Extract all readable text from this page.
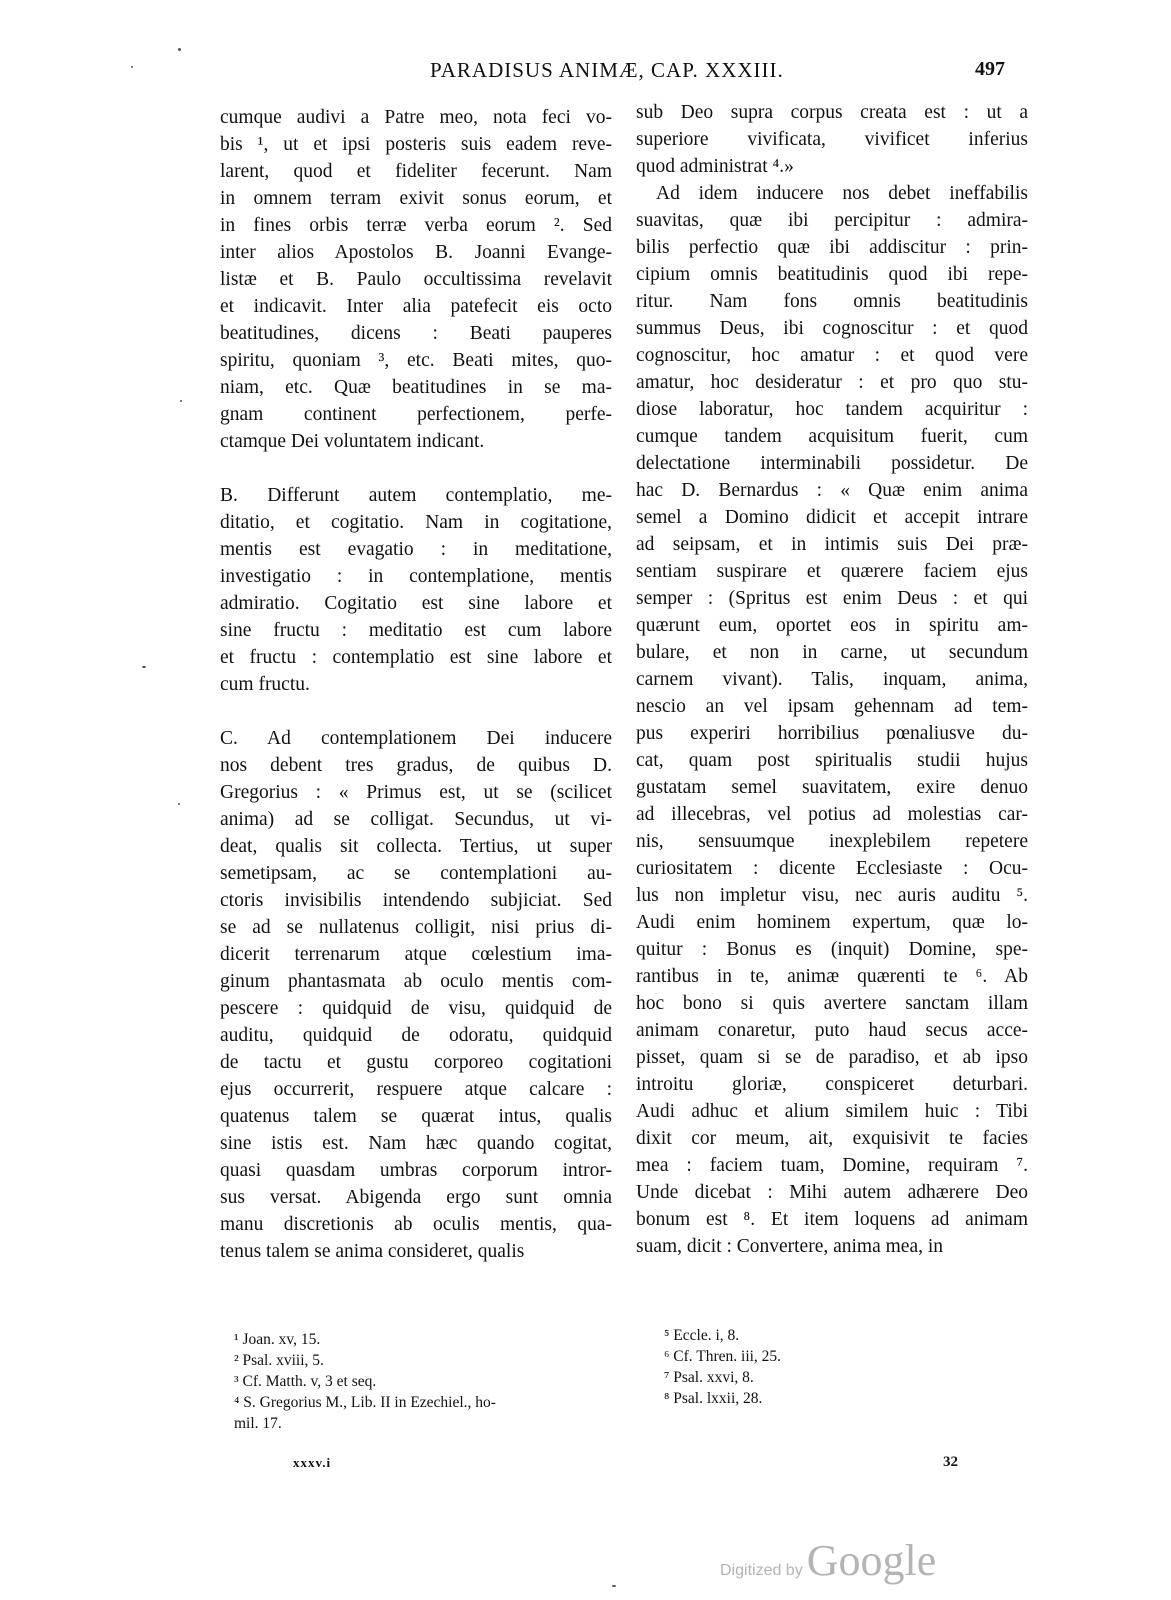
PARADISUS ANIMÆ, CAP. XXXIII.	497
cumque audivi a Patre meo, nota feci vo-
bis ¹, ut et ipsi posteris suis eadem reve-
larent, quod et fideliter fecerunt. Nam
in omnem terram exivit sonus eorum, et
in fines orbis terræ verba eorum ². Sed
inter alios Apostolos B. Joanni Evange-
listæ et B. Paulo occultissima revelavit
et indicavit. Inter alia patefecit eis octo
beatitudines, dicens : Beati pauperes
spiritu, quoniam ³, etc. Beati mites, quo-
niam, etc. Quæ beatitudines in se ma-
gnam continent perfectionem, perfe-
ctamque Dei voluntatem indicant.
B. Differunt autem contemplatio, me-
ditatio, et cogitatio. Nam in cogitatione,
mentis est evagatio : in meditatione,
investigatio : in contemplatione, mentis
admiratio. Cogitatio est sine labore et
sine fructu : meditatio est cum labore
et fructu : contemplatio est sine labore et
cum fructu.
C. Ad contemplationem Dei inducere
nos debent tres gradus, de quibus D.
Gregorius : « Primus est, ut se (scilicet
anima) ad se colligat. Secundus, ut vi-
deat, qualis sit collecta. Tertius, ut super
semetipsam, ac se contemplationi au-
ctoris invisibilis intendendo subjiciat. Sed
se ad se nullatenus colligit, nisi prius di-
dicerit terrenarum atque cœlestium ima-
ginum phantasmata ab oculo mentis com-
pescere : quidquid de visu, quidquid de
auditu, quidquid de odoratu, quidquid
de tactu et gustu corporeo cogitationi
ejus occurrerit, respuere atque calcare :
quatenus talem se quærat intus, qualis
sine istis est. Nam hæc quando cogitat,
quasi quasdam umbras corporum intror-
sus versat. Abigenda ergo sunt omnia
manu discretionis ab oculis mentis, qua-
tenus talem se anima consideret, qualis
sub Deo supra corpus creata est : ut a
superiore vivificata, vivificet inferius
quod administrat ⁴.»
Ad idem inducere nos debet ineffabilis
suavitas, quæ ibi percipitur : admira-
bilis perfectio quæ ibi addiscitur : prin-
cipium omnis beatitudinis quod ibi repe-
ritur. Nam fons omnis beatitudinis
summus Deus, ibi cognoscitur : et quod
cognoscitur, hoc amatur : et quod vere
amatur, hoc desideratur : et pro quo stu-
diose laboratur, hoc tandem acquiritur :
cumque tandem acquisitum fuerit, cum
delectatione interminabili possidetur. De
hac D. Bernardus : « Quæ enim anima
semel a Domino didicit et accepit intrare
ad seipsam, et in intimis suis Dei præ-
sentiam suspirare et quærere faciem ejus
semper : (Spritus est enim Deus : et qui
quærunt eum, oportet eos in spiritu am-
bulare, et non in carne, ut secundum
carnem vivant). Talis, inquam, anima,
nescio an vel ipsam gehennam ad tem-
pus experiri horribilius pœnaliusve du-
cat, quam post spiritualis studii hujus
gustatam semel suavitatem, exire denuo
ad illecebras, vel potius ad molestias car-
nis, sensuumque inexplebilem repetere
curiositatem : dicente Ecclesiaste : Ocu-
lus non impletur visu, nec auris auditu ⁵.
Audi enim hominem expertum, quæ lo-
quitur : Bonus es (inquit) Domine, spe-
rantibus in te, animæ quærenti te ⁶. Ab
hoc bono si quis avertere sanctam illam
animam conaretur, puto haud secus acce-
pisset, quam si se de paradiso, et ab ipso
introitu gloriæ, conspiceret deturbari.
Audi adhuc et alium similem huic : Tibi
dixit cor meum, ait, exquisivit te facies
mea : faciem tuam, Domine, requiram ⁷.
Unde dicebat : Mihi autem adhærere Deo
bonum est ⁸. Et item loquens ad animam
suam, dicit : Convertere, anima mea, in
¹ Joan. xv, 15.
² Psal. xviii, 5.
³ Cf. Matth. v, 3 et seq.
⁴ S. Gregorius M., Lib. II in Ezechiel., ho-
mil. 17.
⁵ Eccle. i, 8.
⁶ Cf. Thren. iii, 25.
⁷ Psal. xxvi, 8.
⁸ Psal. lxxii, 28.
xxxv.i	32
Digitized by Google
